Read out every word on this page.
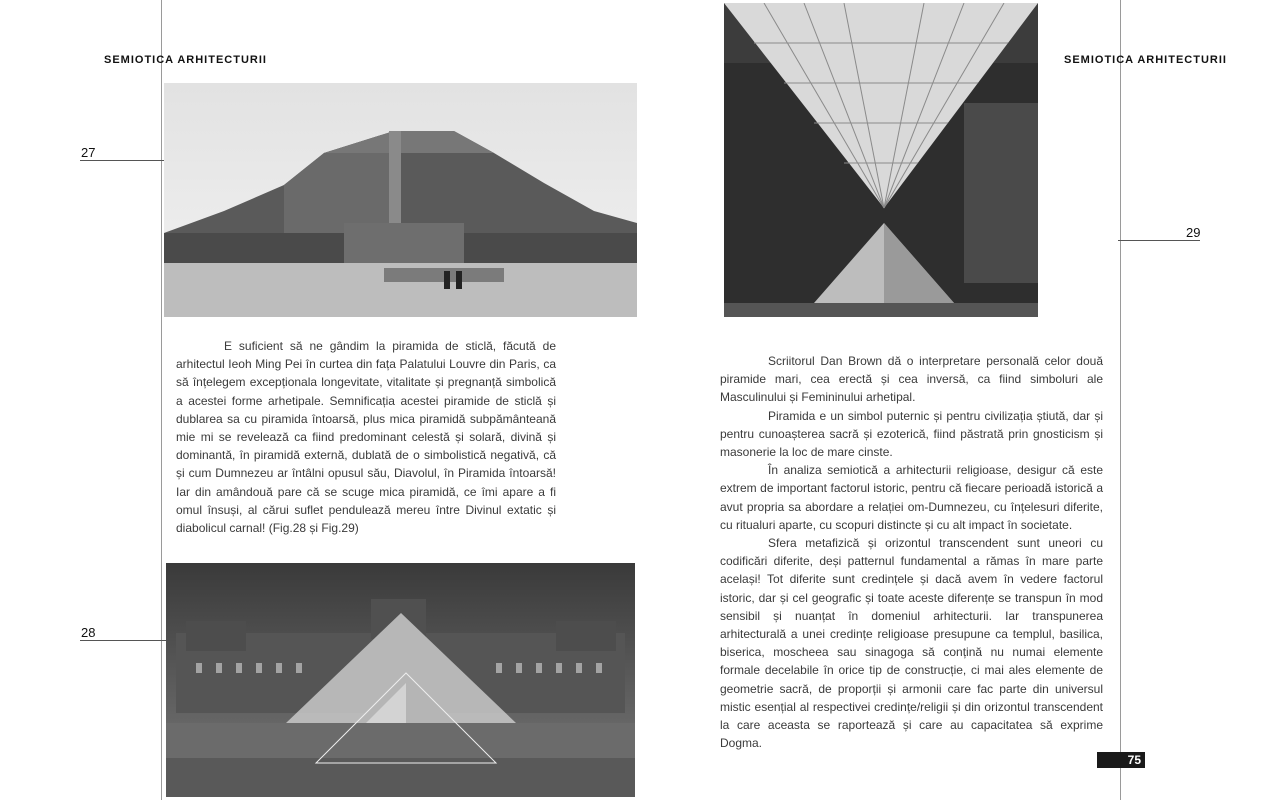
SEMIOTICA ARHITECTURII	SEMIOTICA ARHITECTURII
27
28
29

E suficient să ne gândim la piramida de sticlă, făcută de arhitectul Ieoh Ming Pei în curtea din fața Palatului Louvre din Paris, ca să înțelegem excepționala longevitate, vitalitate și pregnanță simbolică a acestei forme arhetipale. Semnificația acestei piramide de sticlă și dublarea sa cu piramida întoarsă, plus mica piramidă subpământeană mie mi se revelează ca fiind predominant celestă și solară, divină și dominantă, în piramidă externă, dublată de o simbolistică negativă, că și cum Dumnezeu ar întâlni opusul său, Diavolul, în Piramida întoarsă! Iar din amândouă pare că se scuge mica piramidă, ce îmi apare a fi omul însuși, al cărui suflet pendulează mereu între Divinul extatic și diabolicul carnal! (Fig.28 și Fig.29)

Scriitorul Dan Brown dă o interpretare personală celor două piramide mari, cea erectă și cea inversă, ca fiind simboluri ale Masculinului și Femininului arhetipal.

Piramida e un simbol puternic și pentru civilizația știută, dar și pentru cunoașterea sacră și ezoterică, fiind păstrată prin gnosticism și masonerie la loc de mare cinste.

În analiza semiotică a arhitecturii religioase, desigur că este extrem de important factorul istoric, pentru că fiecare perioadă istorică a avut propria sa abordare a relației om-Dumnezeu, cu înțelesuri diferite, cu ritualuri aparte, cu scopuri distincte și cu alt impact în societate.

Sfera metafizică și orizontul transcendent sunt uneori cu codificări diferite, deși patternul fundamental a rămas în mare parte același! Tot diferite sunt credințele și dacă avem în vedere factorul istoric, dar și cel geografic și toate aceste diferențe se transpun în mod sensibil și nuanțat în domeniul arhitecturii. Iar transpunerea arhitecturală a unei credințe religioase presupune ca templul, basilica, biserica, moscheea sau sinagoga să conțină nu numai elemente formale decelabile în orice tip de construcție, ci mai ales elemente de geometrie sacră, de proporții și armonii care fac parte din universul mistic esențial al respectivei credințe/religii și din orizontul transcendent la care aceasta se raportează și care au capacitatea să exprime Dogma.

75
